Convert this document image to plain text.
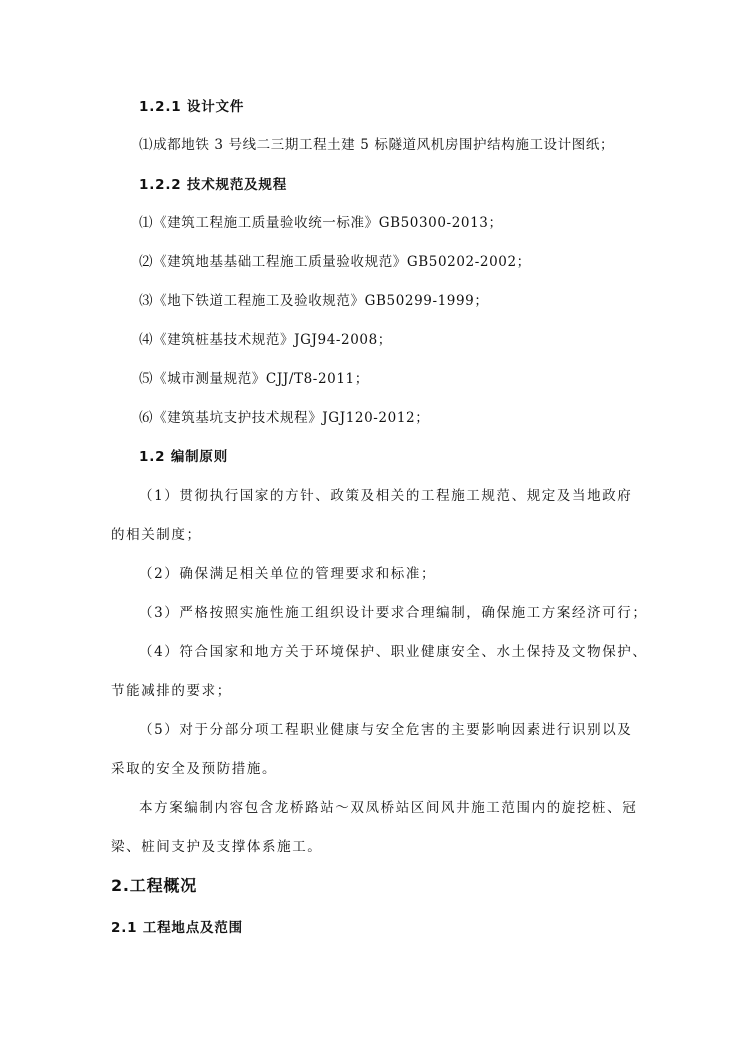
1.2.1 设计文件
⑴成都地铁 3 号线二三期工程土建 5 标隧道风机房围护结构施工设计图纸；
1.2.2 技术规范及规程
⑴《建筑工程施工质量验收统一标准》GB50300-2013；
⑵《建筑地基基础工程施工质量验收规范》GB50202-2002；
⑶《地下铁道工程施工及验收规范》GB50299-1999；
⑷《建筑桩基技术规范》JGJ94-2008；
⑸《城市测量规范》CJJ/T8-2011；
⑹《建筑基坑支护技术规程》JGJ120-2012；
1.2 编制原则
（1）贯彻执行国家的方针、政策及相关的工程施工规范、规定及当地政府
的相关制度；
（2）确保满足相关单位的管理要求和标准；
（3）严格按照实施性施工组织设计要求合理编制，确保施工方案经济可行；
（4）符合国家和地方关于环境保护、职业健康安全、水土保持及文物保护、
节能减排的要求；
（5）对于分部分项工程职业健康与安全危害的主要影响因素进行识别以及
采取的安全及预防措施。
本方案编制内容包含龙桥路站～双凤桥站区间风井施工范围内的旋挖桩、冠
梁、桩间支护及支撑体系施工。
2.工程概况
2.1 工程地点及范围
